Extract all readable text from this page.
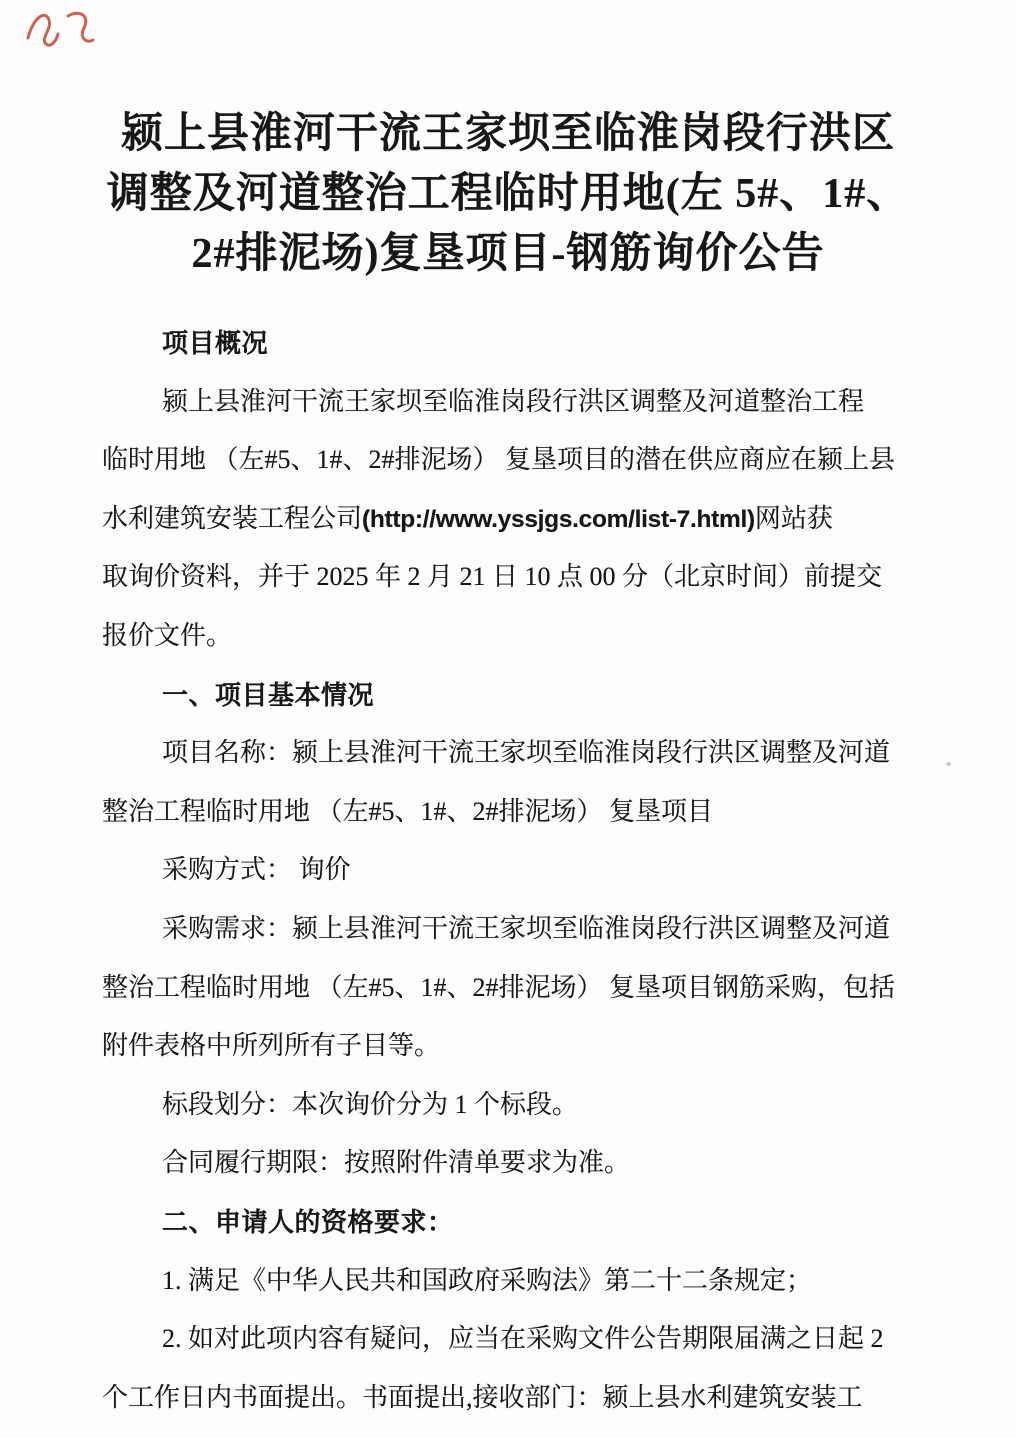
颍上县淮河干流王家坝至临淮岗段行洪区
调整及河道整治工程临时用地(左 5#、1#、
2#排泥场)复垦项目-钢筋询价公告
项目概况
颍上县淮河干流王家坝至临淮岗段行洪区调整及河道整治工程
临时用地 （左#5、1#、2#排泥场） 复垦项目的潜在供应商应在颍上县
水利建筑安装工程公司(http://www.yssjgs.com/list-7.html)网站获
取询价资料，并于 2025 年 2 月 21 日 10 点 00 分（北京时间）前提交
报价文件。
一、项目基本情况
项目名称：颍上县淮河干流王家坝至临淮岗段行洪区调整及河道
整治工程临时用地 （左#5、1#、2#排泥场） 复垦项目
采购方式： 询价
采购需求：颍上县淮河干流王家坝至临淮岗段行洪区调整及河道
整治工程临时用地 （左#5、1#、2#排泥场） 复垦项目钢筋采购，包括
附件表格中所列所有子目等。
标段划分：本次询价分为 1 个标段。
合同履行期限：按照附件清单要求为准。
二、申请人的资格要求：
1. 满足《中华人民共和国政府采购法》第二十二条规定；
2. 如对此项内容有疑问，应当在采购文件公告期限届满之日起 2
个工作日内书面提出。书面提出,接收部门：颍上县水利建筑安装工
